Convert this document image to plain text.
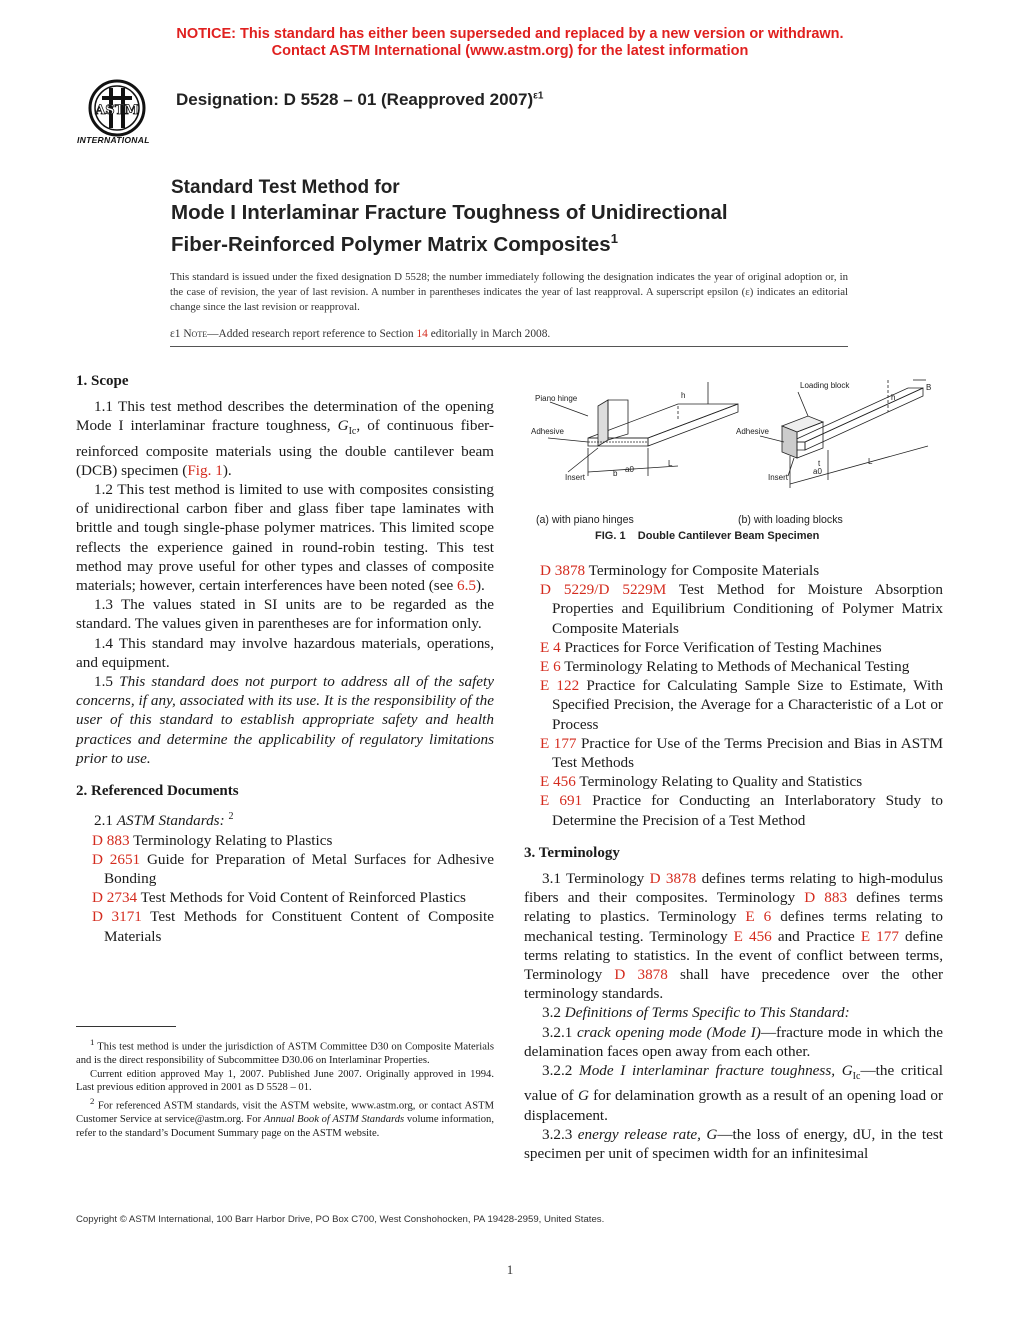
NOTICE: This standard has either been superseded and replaced by a new version or withdrawn.
Contact ASTM International (www.astm.org) for the latest information
ASTM
INTERNATIONAL
Designation: D 5528 – 01 (Reapproved 2007)$^{\varepsilon 1}$
Standard Test Method for
Mode I Interlaminar Fracture Toughness of Unidirectional
Fiber-Reinforced Polymer Matrix Composites$^1$
This standard is issued under the fixed designation D 5528; the number immediately following the designation indicates the year of original adoption or, in the case of revision, the year of last revision. A number in parentheses indicates the year of last reapproval. A superscript epsilon (ε) indicates an editorial change since the last revision or reapproval.
ε1 Note—Added research report reference to Section 14 editorially in March 2008.
1. Scope
1.1 This test method describes the determination of the opening Mode I interlaminar fracture toughness, $G_{Ic}$, of continuous fiber-reinforced composite materials using the double cantilever beam (DCB) specimen (Fig. 1).
1.2 This test method is limited to use with composites consisting of unidirectional carbon fiber and glass fiber tape laminates with brittle and tough single-phase polymer matrices. This limited scope reflects the experience gained in round-robin testing. This test method may prove useful for other types and classes of composite materials; however, certain interferences have been noted (see 6.5).
1.3 The values stated in SI units are to be regarded as the standard. The values given in parentheses are for information only.
1.4 This standard may involve hazardous materials, operations, and equipment.
1.5 This standard does not purport to address all of the safety concerns, if any, associated with its use. It is the responsibility of the user of this standard to establish appropriate safety and health practices and determine the applicability of regulatory limitations prior to use.
2. Referenced Documents
2.1 ASTM Standards: $^2$
D 883 Terminology Relating to Plastics
D 2651 Guide for Preparation of Metal Surfaces for Adhesive Bonding
D 2734 Test Methods for Void Content of Reinforced Plastics
D 3171 Test Methods for Constituent Content of Composite Materials
$^1$ This test method is under the jurisdiction of ASTM Committee D30 on Composite Materials and is the direct responsibility of Subcommittee D30.06 on Interlaminar Properties.
Current edition approved May 1, 2007. Published June 2007. Originally approved in 1994. Last previous edition approved in 2001 as D 5528 – 01.
$^2$ For referenced ASTM standards, visit the ASTM website, www.astm.org, or contact ASTM Customer Service at service@astm.org. For Annual Book of ASTM Standards volume information, refer to the standard’s Document Summary page on the ASTM website.
Piano hinge
Adhesive
Insert
h
b a0
L
Loading block
Adhesive
Insert
h
B
a0
L
t
(a) with piano hinges	(b) with loading blocks
FIG. 1 Double Cantilever Beam Specimen
D 3878 Terminology for Composite Materials
D 5229/D 5229M Test Method for Moisture Absorption Properties and Equilibrium Conditioning of Polymer Matrix Composite Materials
E 4 Practices for Force Verification of Testing Machines
E 6 Terminology Relating to Methods of Mechanical Testing
E 122 Practice for Calculating Sample Size to Estimate, With Specified Precision, the Average for a Characteristic of a Lot or Process
E 177 Practice for Use of the Terms Precision and Bias in ASTM Test Methods
E 456 Terminology Relating to Quality and Statistics
E 691 Practice for Conducting an Interlaboratory Study to Determine the Precision of a Test Method
3. Terminology
3.1 Terminology D 3878 defines terms relating to high-modulus fibers and their composites. Terminology D 883 defines terms relating to plastics. Terminology E 6 defines terms relating to mechanical testing. Terminology E 456 and Practice E 177 define terms relating to statistics. In the event of conflict between terms, Terminology D 3878 shall have precedence over the other terminology standards.
3.2 Definitions of Terms Specific to This Standard:
3.2.1 crack opening mode (Mode I)—fracture mode in which the delamination faces open away from each other.
3.2.2 Mode I interlaminar fracture toughness, $G_{Ic}—the$ critical value of G for delamination growth as a result of an opening load or displacement.
3.2.3 energy release rate, G—the loss of energy, dU, in the test specimen per unit of specimen width for an infinitesimal
Copyright © ASTM International, 100 Barr Harbor Drive, PO Box C700, West Conshohocken, PA 19428-2959, United States.
1
